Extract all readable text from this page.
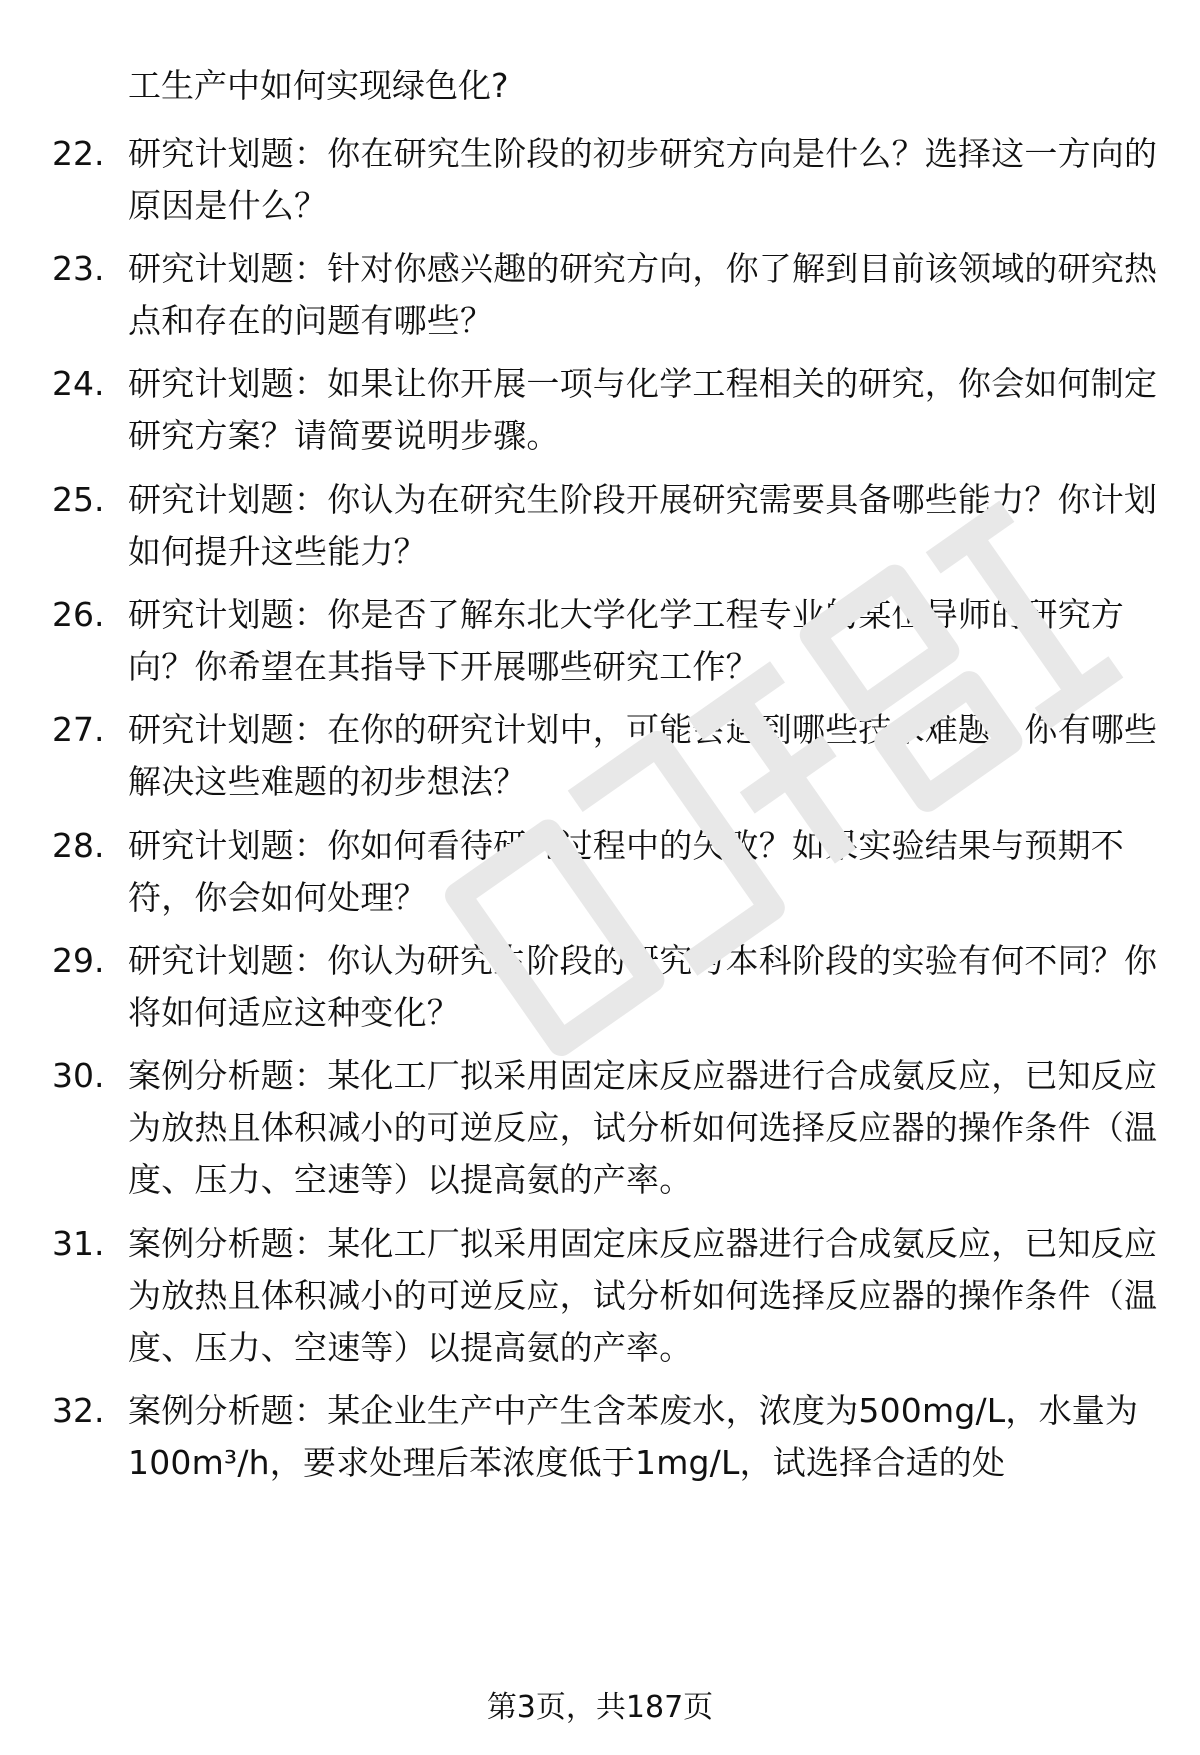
工生产中如何实现绿色化?
22. 研究计划题：你在研究生阶段的初步研究方向是什么？选择这一方向的原因是什么？
23. 研究计划题：针对你感兴趣的研究方向，你了解到目前该领域的研究热点和存在的问题有哪些？
24. 研究计划题：如果让你开展一项与化学工程相关的研究，你会如何制定研究方案？请简要说明步骤。
25. 研究计划题：你认为在研究生阶段开展研究需要具备哪些能力？你计划如何提升这些能力？
26. 研究计划题：你是否了解东北大学化学工程专业的某位导师的研究方向？你希望在其指导下开展哪些研究工作？
27. 研究计划题：在你的研究计划中，可能会遇到哪些技术难题？你有哪些解决这些难题的初步想法？
28. 研究计划题：你如何看待研究过程中的失败？如果实验结果与预期不符，你会如何处理？
29. 研究计划题：你认为研究生阶段的研究与本科阶段的实验有何不同？你将如何适应这种变化？
30. 案例分析题：某化工厂拟采用固定床反应器进行合成氨反应，已知反应为放热且体积减小的可逆反应，试分析如何选择反应器的操作条件（温度、压力、空速等）以提高氨的产率。
31. 案例分析题：某化工厂拟采用固定床反应器进行合成氨反应，已知反应为放热且体积减小的可逆反应，试分析如何选择反应器的操作条件（温度、压力、空速等）以提高氨的产率。
32. 案例分析题：某企业生产中产生含苯废水，浓度为500mg/L，水量为100m³/h，要求处理后苯浓度低于1mg/L，试选择合适的处
第3页，共187页
